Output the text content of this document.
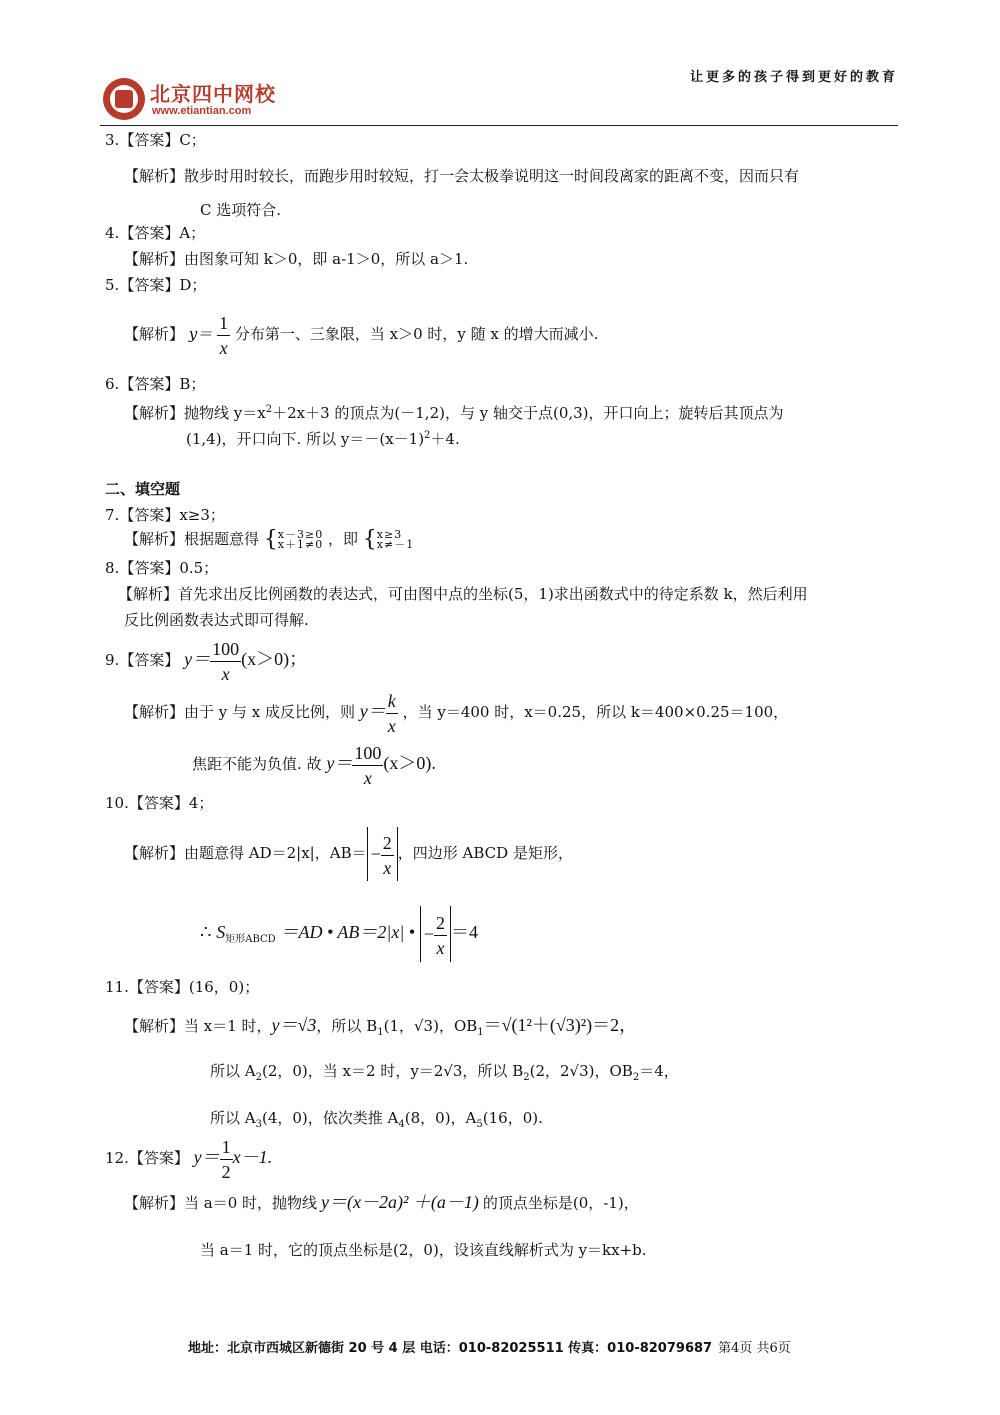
北京四中网校
www.etiantian.com
让更多的孩子得到更好的教育
3.【答案】C；
【解析】散步时用时较长，而跑步用时较短，打一会太极拳说明这一时间段离家的距离不变，因而只有
C 选项符合.
4.【答案】A；
【解析】由图象可知 k＞0，即 a-1＞0，所以 a＞1.
5.【答案】D；
【解析】 $y= \frac{1}{x}$ 分布第一、三象限，当 x＞0 时，y 随 x 的增大而减小.
6.【答案】B；
【解析】抛物线 $y=x^2+2x+3$ 的顶点为(－1,2)，与 y 轴交于点(0,3)，开口向上；旋转后其顶点为
(1,4)，开口向下. 所以 $y=-(x-1)^2+4$.
二、填空题
7.【答案】x≥3；
【解析】根据题意得 {x－3≥0
x＋1≠0 ，即 {x≥3
x≠－1
8.【答案】0.5；
【解析】首先求出反比例函数的表达式，可由图中点的坐标(5，1)求出函数式中的待定系数 k，然后利用
反比例函数表达式即可得解.
9.【答案】 $y= \frac{100}{x} (x>0)$；
【解析】由于 y 与 x 成反比例，则 $y= \frac{k}{x}$ ，当 y＝400 时，x＝0.25，所以 k＝400×0.25＝100，
焦距不能为负值. 故 $y= \frac{100}{x} (x>0)$.
10.【答案】4；
【解析】由题意得 AD＝2|x|，$AB= - \frac{2}{x}$ ，四边形 ABCD 是矩形，
∴ $S_{矩形ABCD} =AD$ • AB＝2|x| • − $\frac{2}{x} =4$
11.【答案】(16，0)；
【解析】当 x＝1 时，y＝√3，所以 $B_1(1$，√3)，$OB_1=√(1^2+(√3)^2)=2$，
所以 $A_2(2$，0)，当 x＝2 时，y＝2√3，所以 $B_2(2$，2√3)，$OB_2=4$，
所以 $A_3(4$，0)，依次类推 $A_4(8$，0)，$A_5(16$，0).
12.【答案】 $y= \frac{1}{2} x-1$.
【解析】当 a＝0 时，抛物线 y＝(x－2a)² ＋(a－1) 的顶点坐标是(0，-1)，
当 a＝1 时，它的顶点坐标是(2，0)，设该直线解析式为 y＝kx+b.
地址：北京市西城区新德街 20 号 4 层 电话：010-82025511 传真：010-82079687 第4页 共6页
